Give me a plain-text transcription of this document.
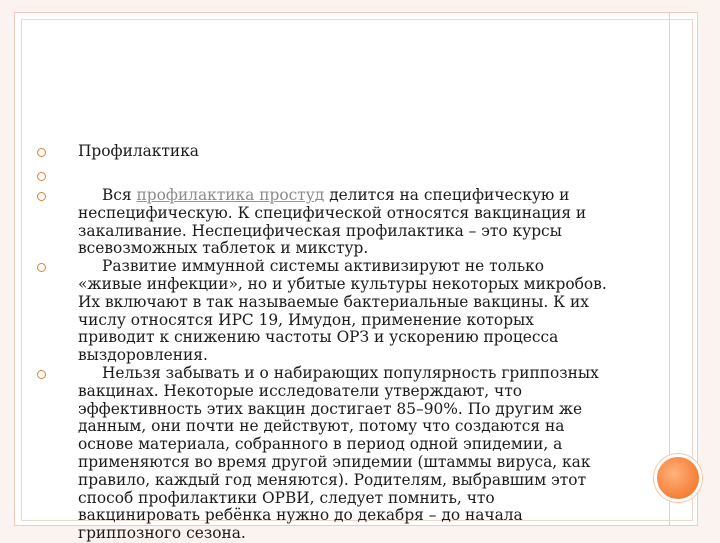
Профилактика
Вся профилактика простуд делится на специфическую и неспецифическую. К специфической относятся вакцинация и закаливание. Неспецифическая профилактика – это курсы всевозможных таблеток и микстур.
Развитие иммунной системы активизируют не только «живые инфекции», но и убитые культуры некоторых микробов. Их включают в так называемые бактериальные вакцины. К их числу относятся ИРС 19, Имудон, применение которых приводит к снижению частоты ОРЗ и ускорению процесса выздоровления.
Нельзя забывать и о набирающих популярность гриппозных вакцинах. Некоторые исследователи утверждают, что эффективность этих вакцин достигает 85–90%. По другим же данным, они почти не действуют, потому что создаются на основе материала, собранного в период одной эпидемии, а применяются во время другой эпидемии (штаммы вируса, как правило, каждый год меняются). Родителям, выбравшим этот способ профилактики ОРВИ, следует помнить, что вакцинировать ребёнка нужно до декабря – до начала гриппозного сезона.
